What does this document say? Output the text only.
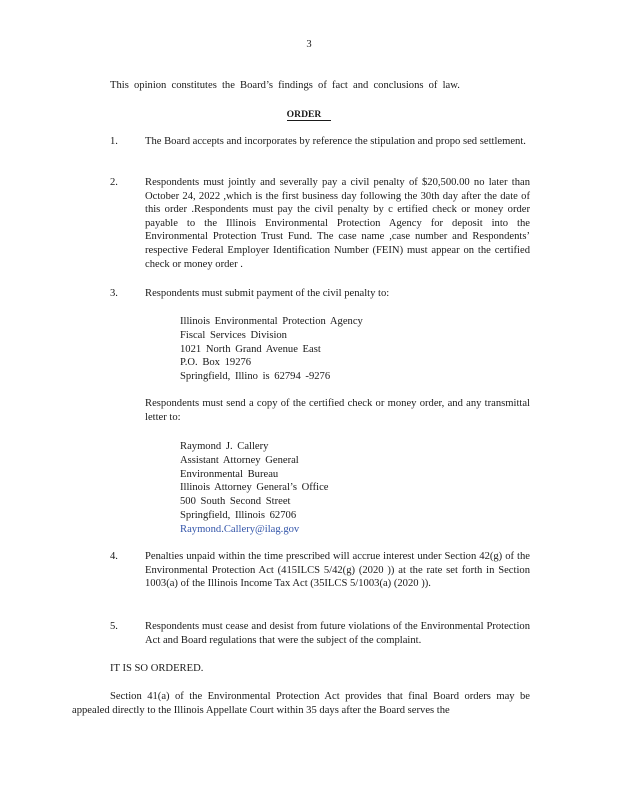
3
This opinion constitutes the Board’s findings of fact and conclusions of law.
ORDER
1.	The Board accepts and incorporates by reference the stipulation and propo sed settlement.
2.	Respondents must jointly and severally pay a civil penalty of $20,500.00 no later than October 24, 2022 ,which is the first business day following the 30th day after the date of this order .Respondents must pay the civil penalty by c ertified check or money order payable to the Illinois Environmental Protection Agency for deposit into the Environmental Protection Trust Fund. The case name ,case number and Respondents’ respective Federal Employer Identification Number (FEIN) must appear on the certified check or money order .
3.	Respondents must submit payment of the civil penalty to:
Illinois Environmental Protection Agency
Fiscal Services Division
1021 North Grand Avenue East
P.O. Box 19276
Springfield, Illino is 62794 -9276
Respondents must send a copy of the certified check or money order, and any transmittal letter to:
Raymond J. Callery
Assistant Attorney General
Environmental Bureau
Illinois Attorney General’s Office
500 South Second Street
Springfield, Illinois 62706
Raymond.Callery@ilag.gov
4.	Penalties unpaid within the time prescribed will accrue interest under Section 42(g) of the Environmental Protection Act (415ILCS 5/42(g) (2020 )) at the rate set forth in Section 1003(a) of the Illinois Income Tax Act (35ILCS 5/1003(a) (2020 )).
5.	Respondents must cease and desist from future violations of the Environmental Protection Act and Board regulations that were the subject of the complaint.
IT IS SO ORDERED.
Section 41(a) of the Environmental Protection Act provides that final Board orders may be appealed directly to the Illinois Appellate Court within 35 days after the Board serves the
